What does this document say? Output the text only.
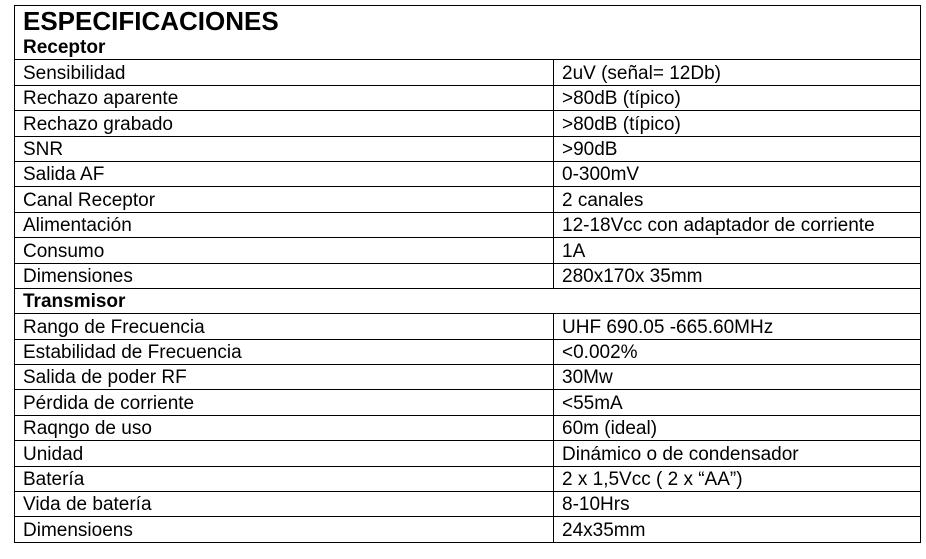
ESPECIFICACIONES	
Receptor	
Sensibilidad	2uV (señal= 12Db)
Rechazo aparente	>80dB (típico)
Rechazo grabado	>80dB (típico)
SNR	>90dB
Salida AF	0-300mV
Canal Receptor	2 canales
Alimentación	12-18Vcc con adaptador de corriente
Consumo	1A
Dimensiones	280x170x 35mm
Transmisor	
Rango de Frecuencia	UHF 690.05 -665.60MHz
Estabilidad de Frecuencia	<0.002%
Salida de poder RF	30Mw
Pérdida de corriente	<55mA
Raqngo de uso	60m (ideal)
Unidad	Dinámico o de condensador
Batería	2 x 1,5Vcc ( 2 x “AA”)
Vida de batería	8-10Hrs
Dimensioens	24x35mm
